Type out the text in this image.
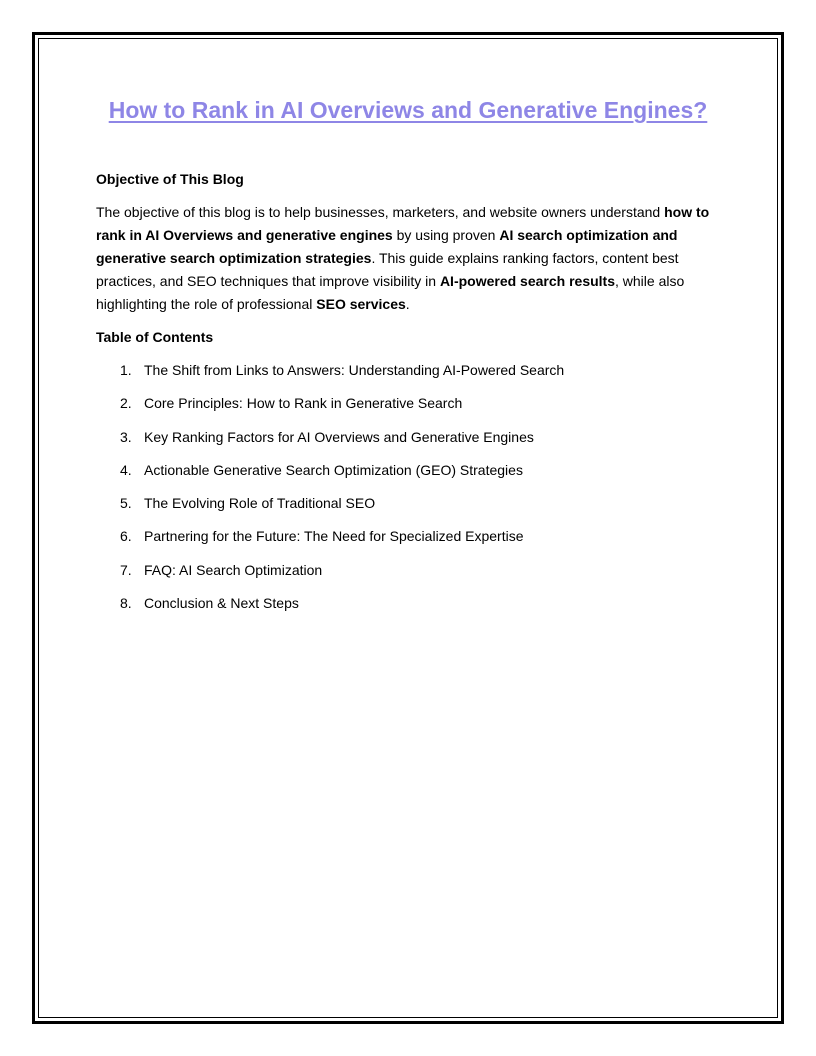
How to Rank in AI Overviews and Generative Engines?

Objective of This Blog

The objective of this blog is to help businesses, marketers, and website owners understand how to rank in AI Overviews and generative engines by using proven AI search optimization and generative search optimization strategies. This guide explains ranking factors, content best practices, and SEO techniques that improve visibility in AI-powered search results, while also highlighting the role of professional SEO services.

Table of Contents

1. The Shift from Links to Answers: Understanding AI-Powered Search
2. Core Principles: How to Rank in Generative Search
3. Key Ranking Factors for AI Overviews and Generative Engines
4. Actionable Generative Search Optimization (GEO) Strategies
5. The Evolving Role of Traditional SEO
6. Partnering for the Future: The Need for Specialized Expertise
7. FAQ: AI Search Optimization
8. Conclusion & Next Steps
